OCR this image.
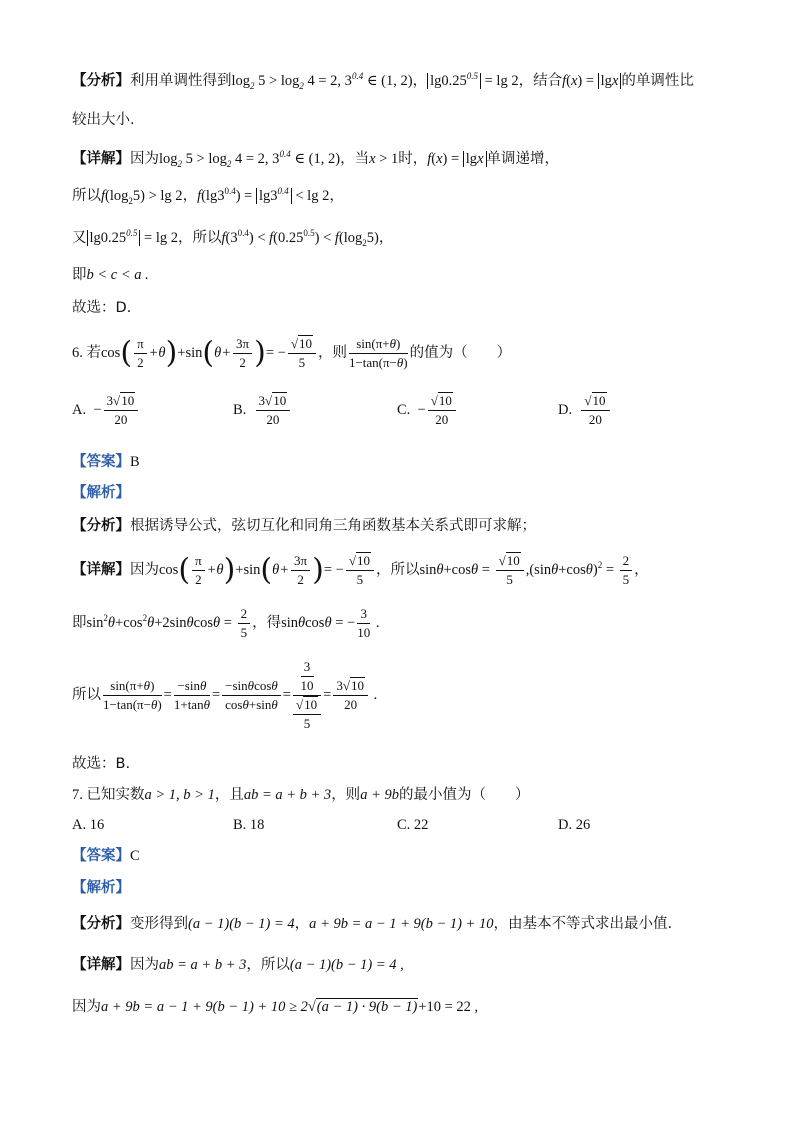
【分析】利用单调性得到$\log_2 5 > \log_2 4 = 2$, $3^{0.4}$ ∈ (1, 2)， $\lg 0.25^{0.5} = \lg 2$，结合f(x) = lgx 的单调性比
较出大小.
【详解】因为$\log_2 5 > \log_2 4 = 2$, $3^{0.4}$ ∈ (1, 2)，当x > 1时，f(x) = lgx 单调递增，
所以$f(\log_25) > \lg 2$，$f(\lg 3^{0.4}) = \lg 3^{0.4} < \lg 2$，
又 $\lg 0.25^{0.5} = \lg 2$，所以$f(3^{0.4}) < f(0.25^{0.5}) < f(\log_25)$，
即b < c < a .
故选：D.
6. 若$\cos( \frac{\pi}{2} +\theta)+\sin(\theta+ \frac{3\pi}{2}$ )= − $\frac{√10}{5}$ ，则 $\frac{\sin(\pi+\theta)}{1-\tan(\pi-\theta)}$ 的值为（　　）
A. − $\frac{3√10}{20}$	B. $\frac{3√10}{20}$	C. − $\frac{√10}{20}$	D. $\frac{√10}{20}$
【答案】B
【解析】
【分析】根据诱导公式，弦切互化和同角三角函数基本关系式即可求解；
【详解】因为$\cos( \frac{\pi}{2} +\theta)+\sin(\theta+ \frac{3\pi}{2}$ )= − $\frac{√10}{5}$ ，所以$\sin\theta+\cos\theta = \frac{√10}{5} ,(\sin\theta+\cos\theta)^2 = \frac{2}{5}$ ，
即$\sin^2\theta+\cos^2\theta+2\sin\theta\cos\theta = \frac{2}{5}$ ，得sinθcosθ = − $\frac{3}{10}$ .
所以 $\frac{\sin(\pi+\theta)}{1-\tan(\pi-\theta)} = \frac{-\sin\theta}{1+\tan\theta} = \frac{-\sin\theta\cos\theta}{\cos\theta+\sin\theta} = \frac{\frac{3}{10}}{\frac{√10}{5}} = \frac{3√10}{20}$ .
故选：B.
7. 已知实数a > 1, b > 1，且ab = a + b + 3，则a + 9b的最小值为（　　）
A. 16	B. 18	C. 22	D. 26
【答案】C
【解析】
【分析】变形得到(a − 1)(b − 1) = 4，a + 9b = a − 1 + 9(b − 1) + 10，由基本不等式求出最小值.
【详解】因为ab = a + b + 3，所以(a − 1)(b − 1) = 4 ,
因为a + 9b = a − 1 + 9(b − 1) + 10 ≥ 2√(a − 1) · 9(b − 1)+10 = 22 ,
